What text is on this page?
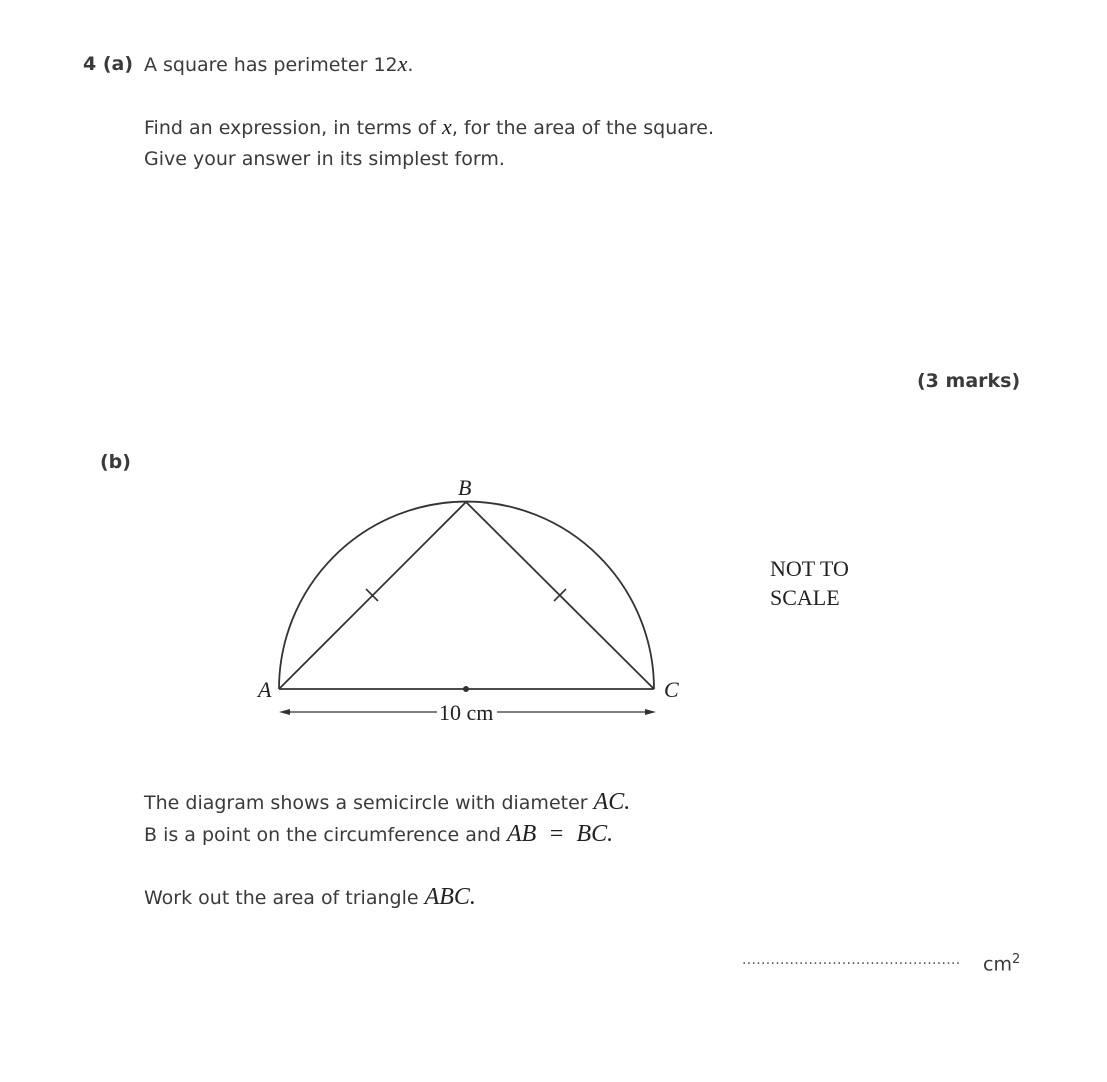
4 (a) A square has perimeter 12x.
Find an expression, in terms of x, for the area of the square.
Give your answer in its simplest form.
(3 marks)
(b)
10 cm
A
B
C
NOT TO
SCALE
The diagram shows a semicircle with diameter AC.
B is a point on the circumference and AB  =  BC.
Work out the area of triangle ABC.
.............................................. $cm^2$
